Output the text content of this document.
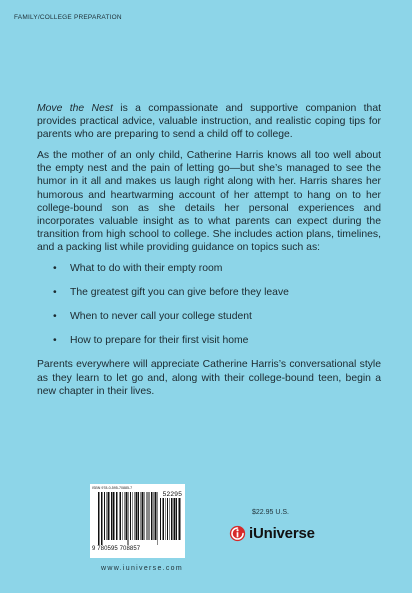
FAMILY/COLLEGE PREPARATION

Move the Nest is a compassionate and supportive companion that provides practical advice, valuable instruction, and realistic coping tips for parents who are preparing to send a child off to college.

As the mother of an only child, Catherine Harris knows all too well about the empty nest and the pain of letting go—but she’s managed to see the humor in it all and makes us laugh right along with her. Harris shares her humorous and heartwarming account of her attempt to hang on to her college-bound son as she details her personal experiences and incorporates valuable insight as to what parents can expect during the transition from high school to college. She includes action plans, timelines, and a packing list while providing guidance on topics such as:

• What to do with their empty room
• The greatest gift you can give before they leave
• When to never call your college student
• How to prepare for their first visit home

Parents everywhere will appreciate Catherine Harris’s conversational style as they learn to let go and, along with their college-bound teen, begin a new chapter in their lives.

ISBN 978-0-595-70885-7
52295
9 780595 708857
www.iuniverse.com
$22.95 U.S.
iUniverse
